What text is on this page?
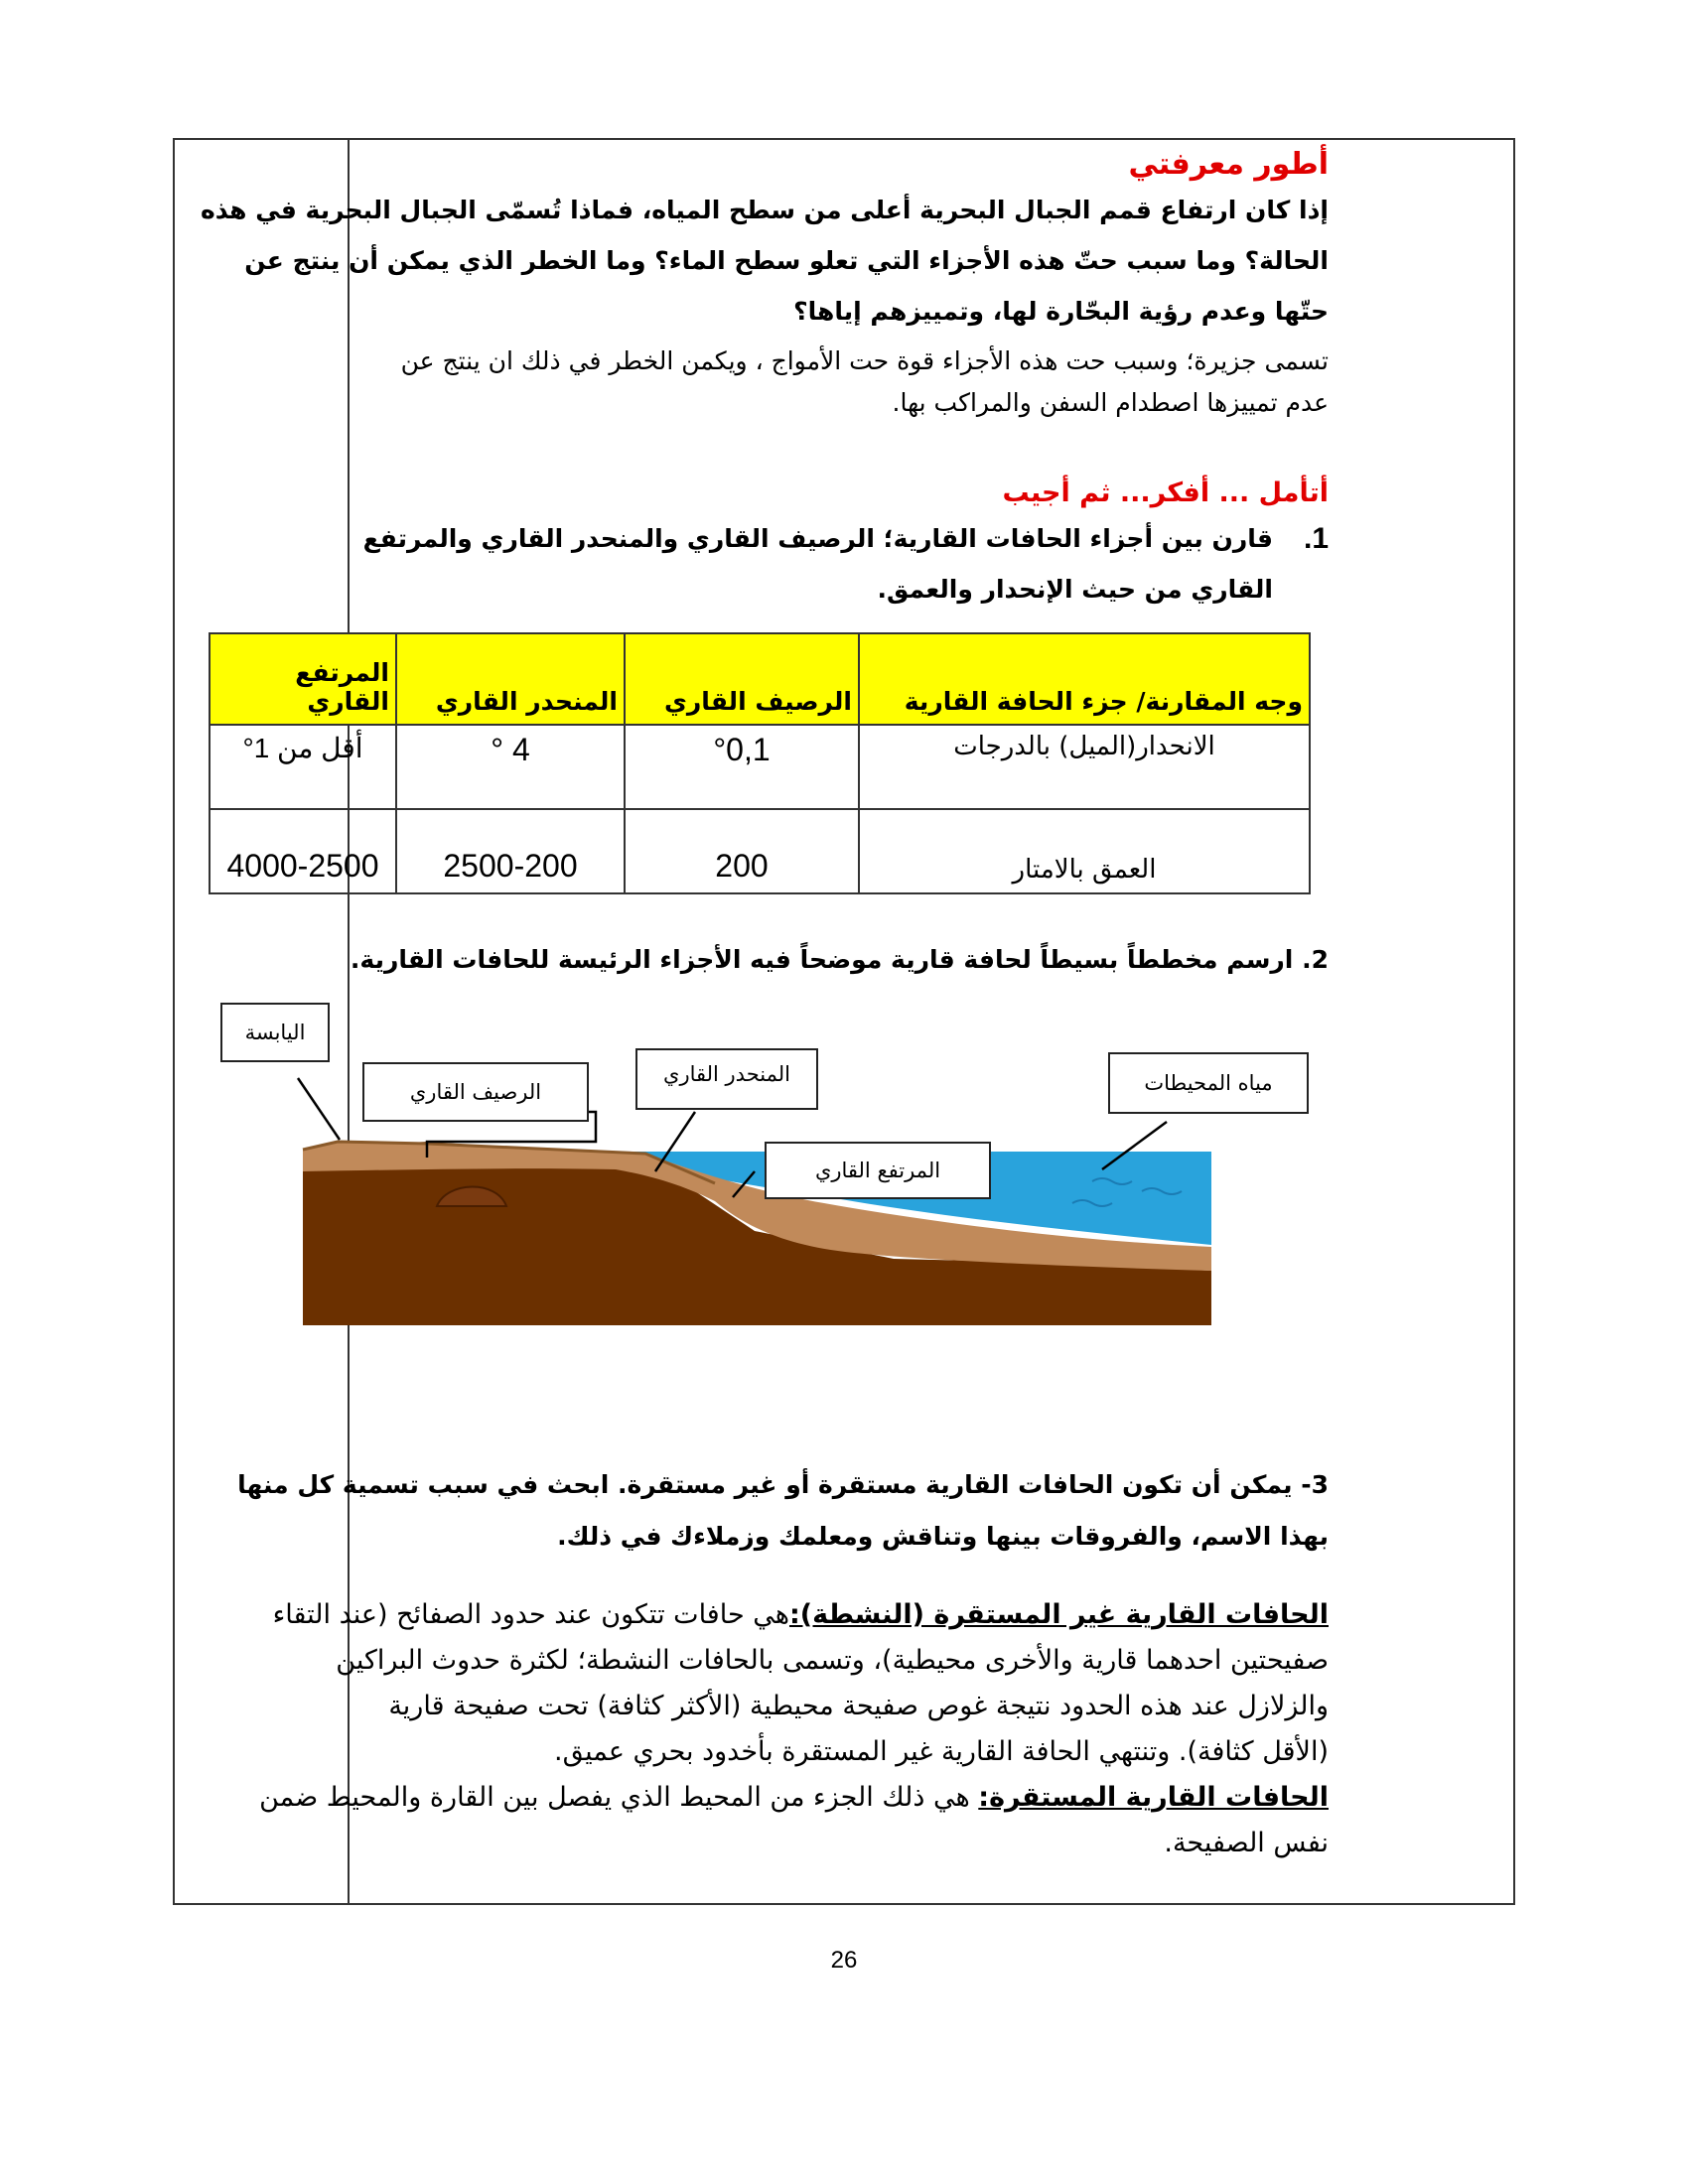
أطور معرفتي

إذا كان ارتفاع قمم الجبال البحرية أعلى من سطح المياه، فماذا تُسمّى الجبال البحرية في هذه

الحالة؟ وما سبب حتّ هذه الأجزاء التي تعلو سطح الماء؟ وما الخطر الذي يمكن أن ينتج عن

حتّها وعدم رؤية البحّارة لها، وتمييزهم إياها؟

تسمى جزيرة؛ وسبب حت هذه الأجزاء قوة حت الأمواج ، ويكمن الخطر في ذلك ان ينتج عن

عدم تمييزها اصطدام السفن والمراكب بها.

أتأمل ... أفكر... ثم أجيب

1.

قارن بين أجزاء الحافات القارية؛ الرصيف القاري والمنحدر القاري والمرتفع

القاري من حيث الإنحدار والعمق.

وجه المقارنة/ جزء الحافة القارية	الرصيف القاري	المنحدر القاري	المرتفع القاري
الانحدار(الميل) بالدرجات	°0,1	4 °	أقل من 1°
العمق بالامتار	200	2500-200	4000-2500

2. ارسم مخططاً بسيطاً لحافة قارية موضحاً فيه الأجزاء الرئيسة للحافات القارية.

اليابسة
الرصيف القاري
المنحدر القاري	مياه المحيطات
المرتفع القاري

3- يمكن أن تكون الحافات القارية مستقرة أو غير مستقرة. ابحث في سبب تسمية كل منها

بهذا الاسم، والفروقات بينها وتناقش ومعلمك وزملاءك في ذلك.

الحافات القارية غير المستقرة (النشطة):هي حافات تتكون عند حدود الصفائح (عند التقاء

صفيحتين احدهما قارية والأخرى محيطية)، وتسمى بالحافات النشطة؛ لكثرة حدوث البراكين

والزلازل عند هذه الحدود نتيجة غوص صفيحة محيطية (الأكثر كثافة) تحت صفيحة قارية

(الأقل كثافة). وتنتهي الحافة القارية غير المستقرة بأخدود بحري عميق.

الحافات القارية المستقرة: هي ذلك الجزء من المحيط الذي يفصل بين القارة والمحيط ضمن

نفس الصفيحة.

26
